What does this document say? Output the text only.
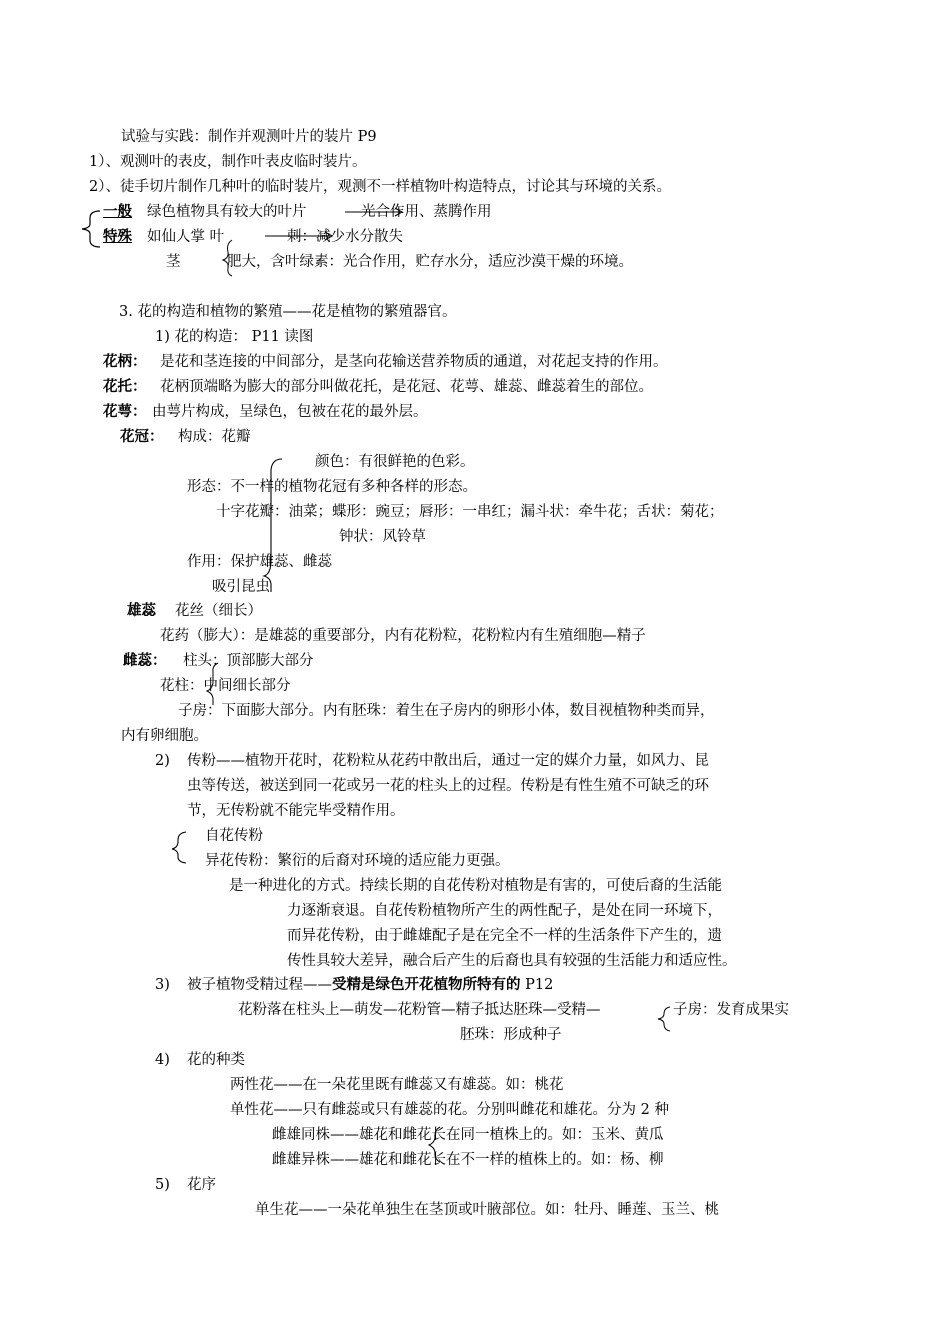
试验与实践：制作并观测叶片的装片 P9
1）、观测叶的表皮，制作叶表皮临时装片。
2）、徒手切片制作几种叶的临时装片，观测不一样植物叶构造特点，讨论其与环境的关系。
一般 绿色植物具有较大的叶片	光合作用、蒸腾作用
特殊 如仙人掌 叶	刺：减少水分散失
茎	肥大，含叶绿素：光合作用，贮存水分，适应沙漠干燥的环境。
3. 花的构造和植物的繁殖——花是植物的繁殖器官。
1) 花的构造： P11 读图
花柄： 是花和茎连接的中间部分，是茎向花输送营养物质的通道，对花起支持的作用。
花托： 花柄顶端略为膨大的部分叫做花托，是花冠、花萼、雄蕊、雌蕊着生的部位。
花萼： 由萼片构成，呈绿色，包被在花的最外层。
花冠： 构成：花瓣
颜色：有很鲜艳的色彩。
形态：不一样的植物花冠有多种各样的形态。
十字花瓣：油菜；蝶形：豌豆；唇形：一串红；漏斗状：牵牛花；舌状：菊花；
钟状：风铃草
作用：保护雄蕊、雌蕊
吸引昆虫
雄蕊 花丝（细长）
花药（膨大）：是雄蕊的重要部分，内有花粉粒，花粉粒内有生殖细胞—精子
雌蕊： 柱头：顶部膨大部分
花柱：中间细长部分
子房：下面膨大部分。内有胚珠：着生在子房内的卵形小体，数目视植物种类而异，
内有卵细胞。
2) 传粉——植物开花时，花粉粒从花药中散出后，通过一定的媒介力量，如风力、昆
虫等传送，被送到同一花或另一花的柱头上的过程。传粉是有性生殖不可缺乏的环
节，无传粉就不能完毕受精作用。
自花传粉
异花传粉：繁衍的后裔对环境的适应能力更强。
是一种进化的方式。持续长期的自花传粉对植物是有害的，可使后裔的生活能
力逐渐衰退。自花传粉植物所产生的两性配子，是处在同一环境下，
而异花传粉，由于雌雄配子是在完全不一样的生活条件下产生的，遗
传性具较大差异，融合后产生的后裔也具有较强的生活能力和适应性。
3) 被子植物受精过程——受精是绿色开花植物所特有的 P12
花粉落在柱头上—萌发—花粉管—精子抵达胚珠—受精—	子房：发育成果实
胚珠：形成种子
4) 花的种类
两性花——在一朵花里既有雌蕊又有雄蕊。如：桃花
单性花——只有雌蕊或只有雄蕊的花。分别叫雌花和雄花。分为 2 种
雌雄同株——雄花和雌花长在同一植株上的。如：玉米、黄瓜
雌雄异株——雄花和雌花长在不一样的植株上的。如：杨、柳
5) 花序
单生花——一朵花单独生在茎顶或叶腋部位。如：牡丹、睡莲、玉兰、桃
